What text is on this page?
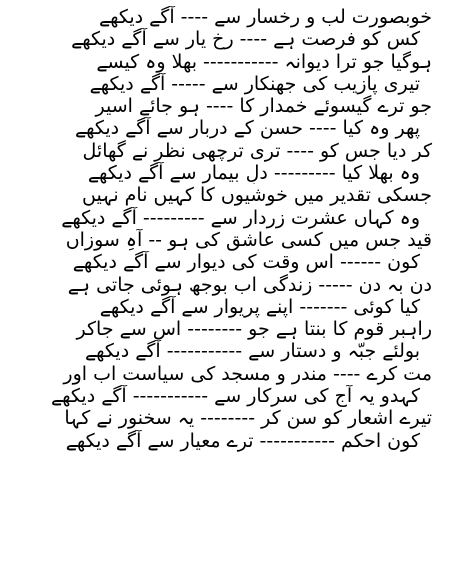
خوبصورت لب و رخسار سے ---- آگے دیکھے
کس کو فرصت ہے ---- رخِ یار سے آگے دیکھے
ہوگیا جو ترا دیوانہ ----------- بھلا وہ کیسے
تیری پازیب کی جھنکار سے ----- آگے دیکھے
جو ترے گیسوئے خمدار کا ---- ہو جائے اسیر
پھر وہ کیا ---- حسن کے دربار سے آگے دیکھے
کر دیا جس کو ---- تری ترچھی نظر نے گھائل
وہ بھلا کیا --------- دلِ بیمار سے آگے دیکھے
جسکی تقدیر میں خوشیوں کا کہیں نام نہیں
وہ کہاں عشرت زردار سے --------- آگے دیکھے
قید جس میں کسی عاشق کی ہو -- آہِ سوزاں
کون ------ اس وقت کی دیوار سے آگے دیکھے
دن بہ دن ----- زندگی اب بوجھ ہوئی جاتی ہے
کیا کوئی ------- اپنے پریوار سے آگے دیکھے
راہبر قوم کا بنتا ہے جو -------- اس سے جاکر
بولئے جبّہ و دستار سے ----------- آگے دیکھے
مت کرے ---- مندر و مسجد کی سیاست اب اور
کہدو یہ آج کی سرکار سے ----------- آگے دیکھے
تیرے اشعار کو سن کر -------- یہ سخنور نے کہا
کون احکم ----------- ترے معیار سے آگے دیکھے
